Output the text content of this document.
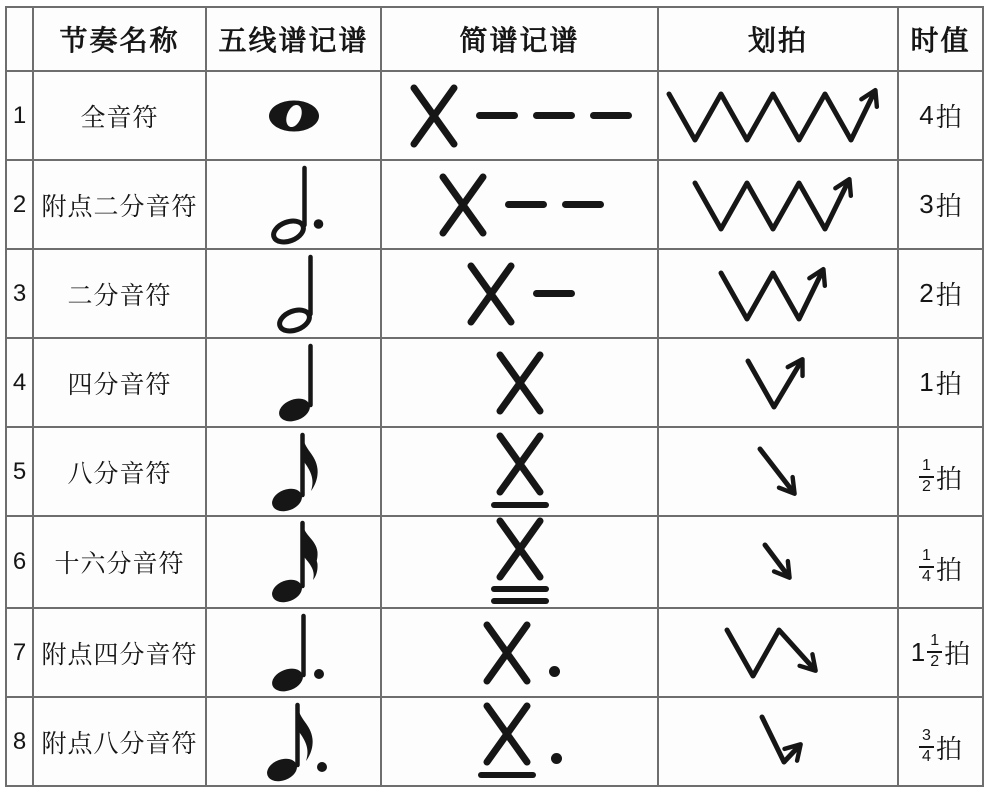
	节奏名称	五线谱记谱	简谱记谱	划拍	时值
1	全音符				4 拍

2	附点二分音符				3 拍

3	二分音符				2 拍

4	四分音符				1 拍

5	八分音符				$\frac{1}{2}$ 拍

6	十六分音符				$\frac{1}{4}$ 拍

7	附点四分音符				$1 \frac{1}{2}$ 拍

8	附点八分音符				$\frac{3}{4}$ 拍
